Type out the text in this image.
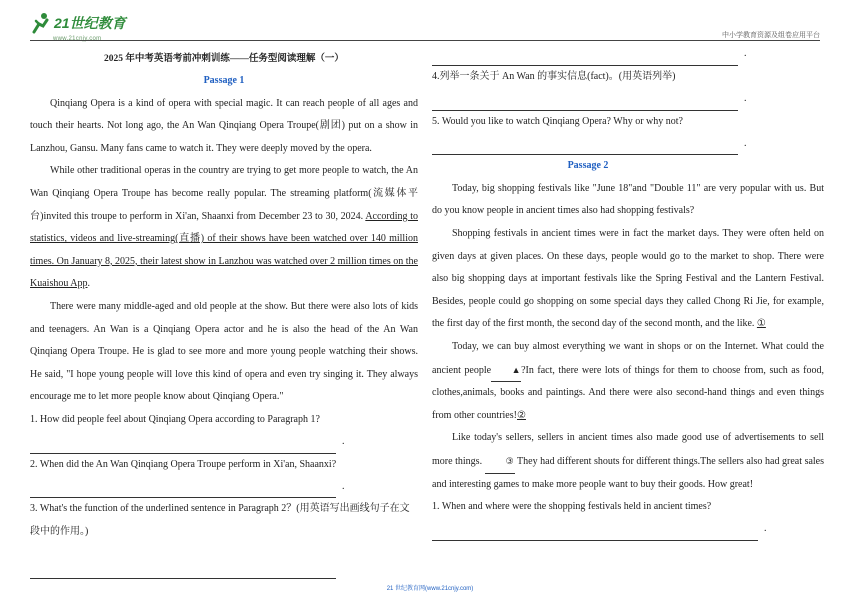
21世纪教育
www.21cnjy.com	中小学教育资源及组卷应用平台
2025 年中考英语考前冲刺训练——任务型阅读理解（一）
Passage 1

Qinqiang Opera is a kind of opera with special magic. It can reach people of all ages and touch their hearts. Not long ago, the An Wan Qinqiang Opera Troupe(剧团) put on a show in Lanzhou, Gansu. Many fans came to watch it. They were deeply moved by the opera.

While other traditional operas in the country are trying to get more people to watch, the An Wan Qinqiang Opera Troupe has become really popular. The streaming platform(流媒体平台)invited this troupe to perform in Xi'an, Shaanxi from December 23 to 30, 2024. According to statistics, videos and live-streaming(直播) of their shows have been watched over 140 million times. On January 8, 2025, their latest show in Lanzhou was watched over 2 million times on the Kuaishou App.

There were many middle-aged and old people at the show. But there were also lots of kids and teenagers. An Wan is a Qinqiang Opera actor and he is also the head of the An Wan Qinqiang Opera Troupe. He is glad to see more and more young people watching their shows. He said, "I hope young people will love this kind of opera and even try singing it. They always encourage me to let more people know about Qinqiang Opera."

1. How did people feel about Qinqiang Opera according to Paragraph 1?

.

2. When did the An Wan Qinqiang Opera Troupe perform in Xi'an, Shaanxi?

.

3. What's the function of the underlined sentence in Paragraph 2？(用英语写出画线句子在文段中的作用。)

.

4.列举一条关于 An Wan 的事实信息(fact)。(用英语列举)

.

5. Would you like to watch Qinqiang Opera? Why or why not?

.
Passage 2

Today, big shopping festivals like "June 18"and "Double 11" are very popular with us. But do you know people in ancient times also had shopping festivals?

Shopping festivals in ancient times were in fact the market days. They were often held on given days at given places. On these days, people would go to the market to shop. There were also big shopping days at important festivals like the Spring Festival and the Lantern Festival. Besides, people could go shopping on some special days they called Chong Ri Jie, for example, the first day of the first month, the second day of the second month, and the like. ①

Today, we can buy almost everything we want in shops or on the Internet. What could the ancient people ▲?In fact, there were lots of things for them to choose from, such as food, clothes,animals, books and paintings. And there were also second-hand things and even things from other countries!②

Like today's sellers, sellers in ancient times also made good use of advertisements to sell more things.	③ They had different shouts for different things.The sellers also had great sales and interesting games to make more people want to buy their goods. How great!

1. When and where were the shopping festivals held in ancient times?

.
21 世纪教育网(www.21cnjy.com)
